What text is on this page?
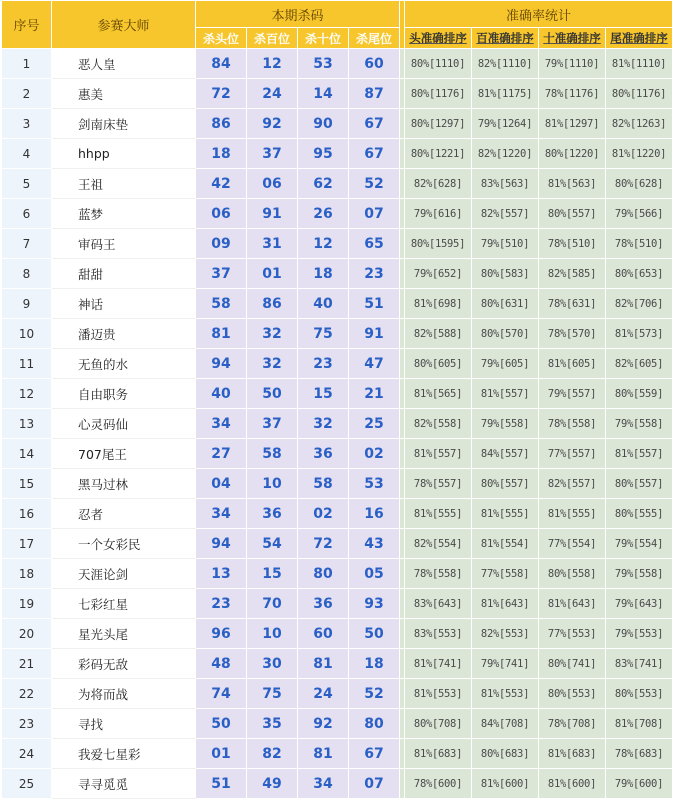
序号	参赛大师	本期杀码					准确率统计			
		杀头位	杀百位	杀十位	杀尾位		头准确排序	百准确排序	十准确排序	尾准确排序
1	恶人皇	84	12	53	60		80%[1110]	82%[1110]	79%[1110]	81%[1110]
2	惠美	72	24	14	87		80%[1176]	81%[1175]	78%[1176]	80%[1176]
3	剑南床垫	86	92	90	67		80%[1297]	79%[1264]	81%[1297]	82%[1263]
4	hhpp	18	37	95	67		80%[1221]	82%[1220]	80%[1220]	81%[1220]
5	王祖	42	06	62	52		82%[628]	83%[563]	81%[563]	80%[628]
6	蓝梦	06	91	26	07		79%[616]	82%[557]	80%[557]	79%[566]
7	审码王	09	31	12	65		80%[1595]	79%[510]	78%[510]	78%[510]
8	甜甜	37	01	18	23		79%[652]	80%[583]	82%[585]	80%[653]
9	神话	58	86	40	51		81%[698]	80%[631]	78%[631]	82%[706]
10	潘迈贵	81	32	75	91		82%[588]	80%[570]	78%[570]	81%[573]
11	无鱼的水	94	32	23	47		80%[605]	79%[605]	81%[605]	82%[605]
12	自由职务	40	50	15	21		81%[565]	81%[557]	79%[557]	80%[559]
13	心灵码仙	34	37	32	25		82%[558]	79%[558]	78%[558]	79%[558]
14	707尾王	27	58	36	02		81%[557]	84%[557]	77%[557]	81%[557]
15	黑马过林	04	10	58	53		78%[557]	80%[557]	82%[557]	80%[557]
16	忍者	34	36	02	16		81%[555]	81%[555]	81%[555]	80%[555]
17	一个女彩民	94	54	72	43		82%[554]	81%[554]	77%[554]	79%[554]
18	天涯论剑	13	15	80	05		78%[558]	77%[558]	80%[558]	79%[558]
19	七彩红星	23	70	36	93		83%[643]	81%[643]	81%[643]	79%[643]
20	星光头尾	96	10	60	50		83%[553]	82%[553]	77%[553]	79%[553]
21	彩码无敌	48	30	81	18		81%[741]	79%[741]	80%[741]	83%[741]
22	为将而战	74	75	24	52		81%[553]	81%[553]	80%[553]	80%[553]
23	寻找	50	35	92	80		80%[708]	84%[708]	78%[708]	81%[708]
24	我爱七星彩	01	82	81	67		81%[683]	80%[683]	81%[683]	78%[683]
25	寻寻觅觅	51	49	34	07		78%[600]	81%[600]	81%[600]	79%[600]
